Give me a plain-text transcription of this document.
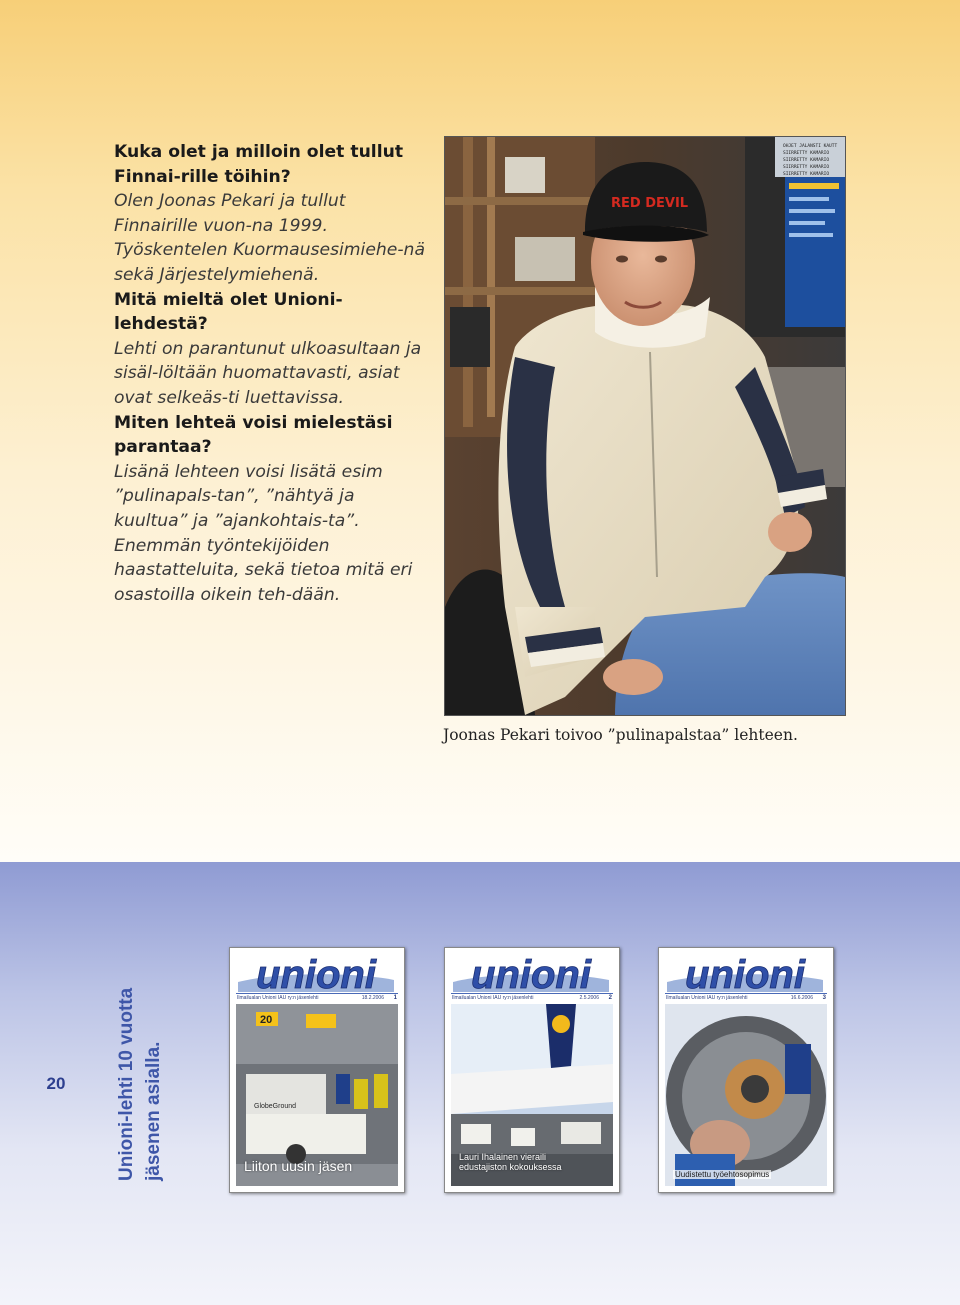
Kuka olet ja milloin olet tullut Finnai-rille töihin?

Olen Joonas Pekari ja tullut Finnairille vuon-na 1999. Työskentelen Kuormausesimiehe-nä sekä Järjestelymiehenä.

Mitä mieltä olet Unioni-lehdestä?

Lehti on parantunut ulkoasultaan ja sisäl-löltään huomattavasti, asiat ovat selkeäs-ti luettavissa.

Miten lehteä voisi mielestäsi parantaa?

Lisänä lehteen voisi lisätä esim ”pulinapals-tan”, ”nähtyä ja kuultua” ja ”ajankohtais-ta”. Enemmän työntekijöiden haastatteluita, sekä tietoa mitä eri osastoilla oikein teh-dään.

OHJET JALANSTI KAUTT
SIIRRETTY KAMARIO
SIIRRETTY KAMARIO
SIIRRETTY KAMARIO
SIIRRETTY KAMARIO
RED DEVIL
Joonas Pekari toivoo ”pulinapalstaa” lehteen.
20	Unioni-lehti 10 vuotta jäsenen asialla.
unioni
Ilmailualan Unioni IAU ry:n jäsenlehti	18.2.2006 1
20
GlobeGround
Liiton uusin jäsen
unioni
Ilmailualan Unioni IAU ry:n jäsenlehti	2.5.2006 2
Lauri Ihalainen vieraili
edustajiston kokouksessa
unioni
Ilmailualan Unioni IAU ry:n jäsenlehti	16.6.2006 3
Uudistettu työehtosopimus
